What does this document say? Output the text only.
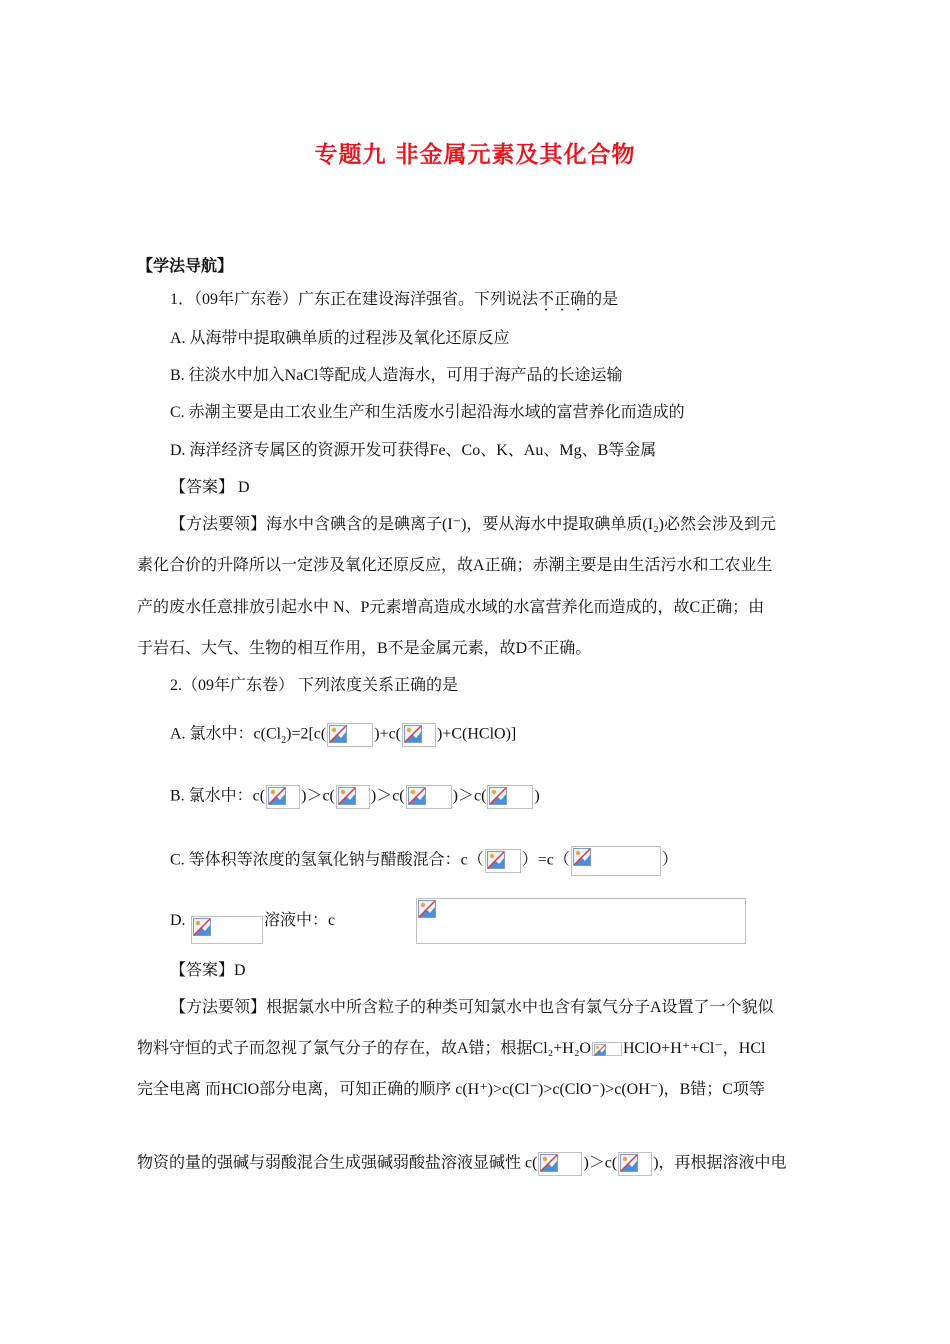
专题九 非金属元素及其化合物
【学法导航】
1．（09年广东卷）广东正在建设海洋强省。下列说法不正确的是
A. 从海带中提取碘单质的过程涉及氧化还原反应
B. 往淡水中加入NaCl等配成人造海水，可用于海产品的长途运输
C. 赤潮主要是由工农业生产和生活废水引起沿海水域的富营养化而造成的
D. 海洋经济专属区的资源开发可获得Fe、Co、K、Au、Mg、B等金属
【答案】 D
【方法要领】海水中含碘含的是碘离子(I⁻)，要从海水中提取碘单质(I₂)必然会涉及到元
素化合价的升降所以一定涉及氧化还原反应，故A正确；赤潮主要是由生活污水和工农业生
产的废水任意排放引起水中 N、P元素增高造成水域的水富营养化而造成的，故C正确；由
于岩石、大气、生物的相互作用，B不是金属元素，故D不正确。
2.（09年广东卷） 下列浓度关系正确的是
A. 氯水中：$c(Cl_2)=2[c$(	)+c( )+C(HClO)]
B. 氯水中：c( )＞c( )＞c(	)＞c(	)
C. 等体积等浓度的氢氧化钠与醋酸混合：c（ ）=c（	）
D.
	溶液中：c
【答案】D
【方法要领】根据氯水中所含粒子的种类可知氯水中也含有氯气分子A设置了一个貌似
物料守恒的式子而忽视了氯气分子的存在，故A错；根据Cl₂+H₂O HClO+H⁺+Cl⁻，HCl
完全电离 而HClO部分电离，可知正确的顺序 c(H⁺)>c(Cl⁻)>c(ClO⁻)>c(OH⁻)，B错；C项等
物资的量的强碱与弱酸混合生成强碱弱酸盐溶液显碱性 c(	)＞c( )，再根据溶液中电
